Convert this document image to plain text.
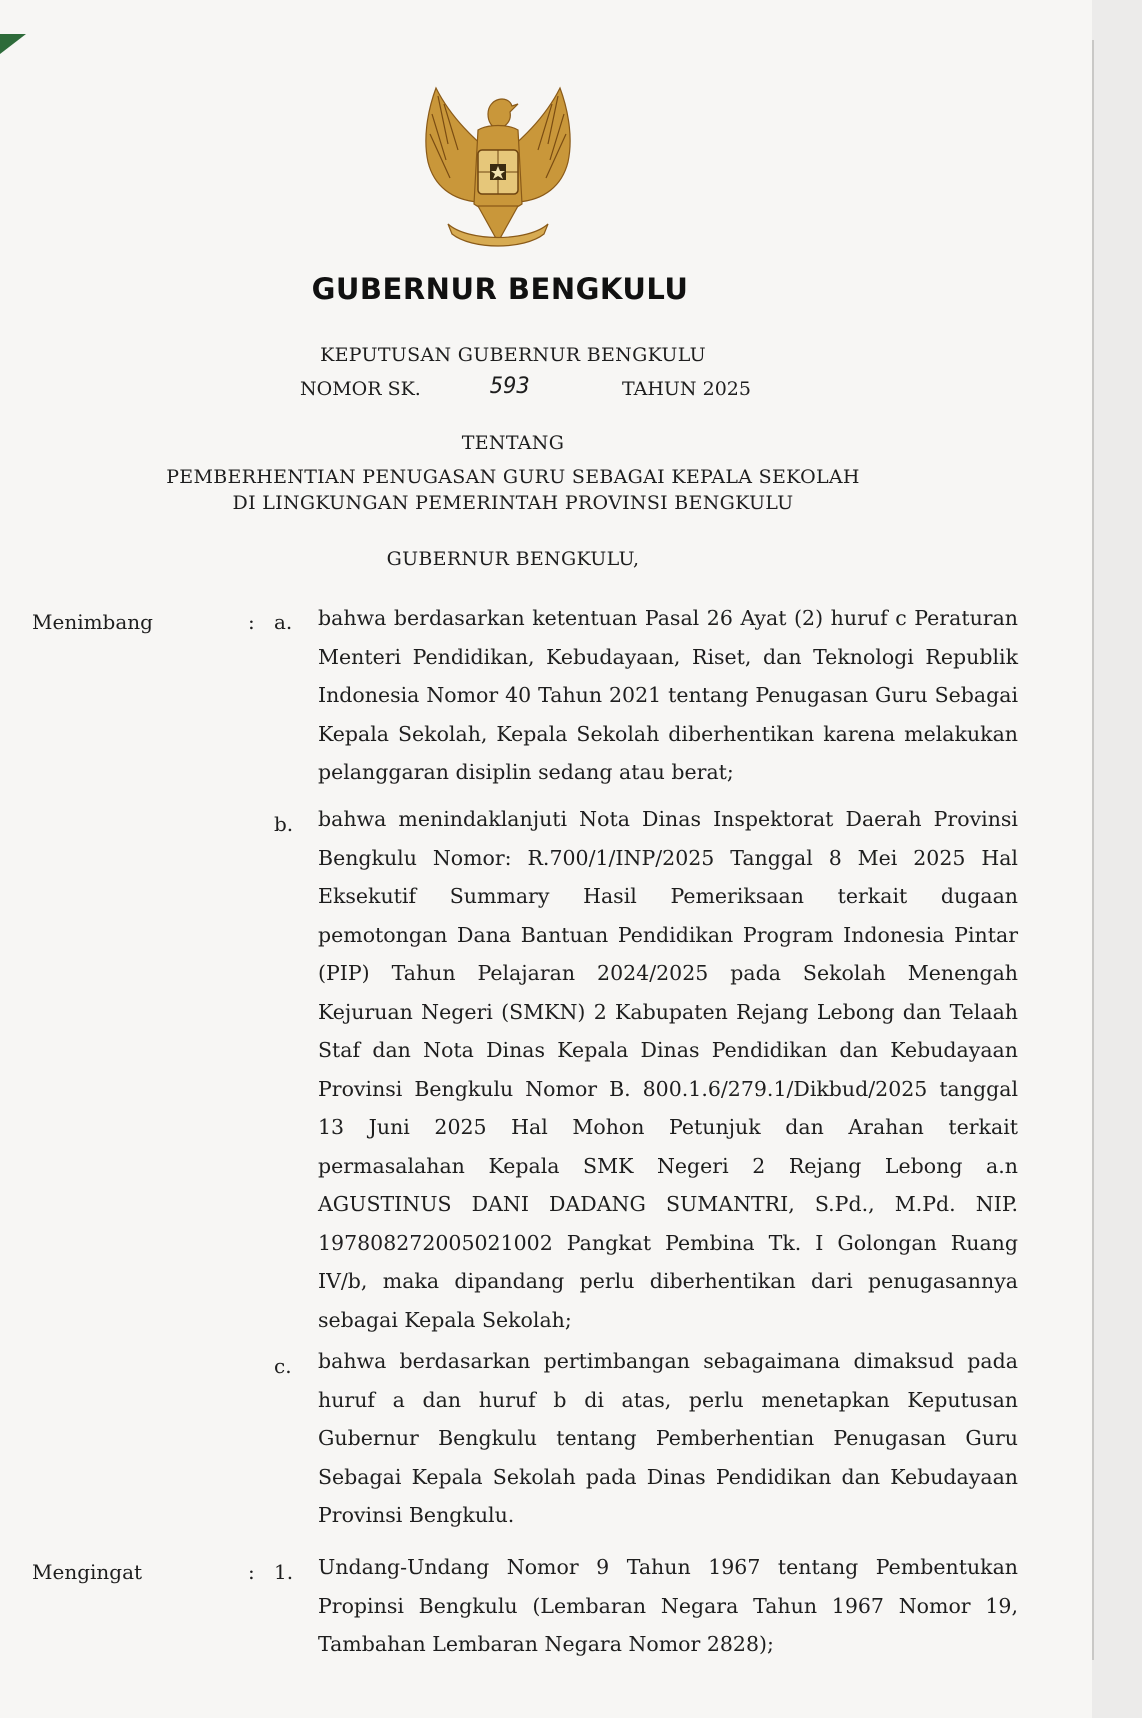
GUBERNUR BENGKULU
KEPUTUSAN GUBERNUR BENGKULU
NOMOR SK.	593	TAHUN 2025
TENTANG
PEMBERHENTIAN PENUGASAN GURU SEBAGAI KEPALA SEKOLAH
DI LINGKUNGAN PEMERINTAH PROVINSI BENGKULU
GUBERNUR BENGKULU,
Menimbang	: a. bahwa berdasarkan ketentuan Pasal 26 Ayat (2) huruf c Peraturan Menteri Pendidikan, Kebudayaan, Riset, dan Teknologi Republik Indonesia Nomor 40 Tahun 2021 tentang Penugasan Guru Sebagai Kepala Sekolah, Kepala Sekolah diberhentikan karena melakukan pelanggaran disiplin sedang atau berat;

b. bahwa menindaklanjuti Nota Dinas Inspektorat Daerah Provinsi Bengkulu Nomor: R.700/1/INP/2025 Tanggal 8 Mei 2025 Hal Eksekutif Summary Hasil Pemeriksaan terkait dugaan pemotongan Dana Bantuan Pendidikan Program Indonesia Pintar (PIP) Tahun Pelajaran 2024/2025 pada Sekolah Menengah Kejuruan Negeri (SMKN) 2 Kabupaten Rejang Lebong dan Telaah Staf dan Nota Dinas Kepala Dinas Pendidikan dan Kebudayaan Provinsi Bengkulu Nomor B. 800.1.6/279.1/Dikbud/2025 tanggal 13 Juni 2025 Hal Mohon Petunjuk dan Arahan terkait permasalahan Kepala SMK Negeri 2 Rejang Lebong a.n AGUSTINUS DANI DADANG SUMANTRI, S.Pd., M.Pd. NIP. 197808272005021002 Pangkat Pembina Tk. I Golongan Ruang IV/b, maka dipandang perlu diberhentikan dari penugasannya sebagai Kepala Sekolah;

c. bahwa berdasarkan pertimbangan sebagaimana dimaksud pada huruf a dan huruf b di atas, perlu menetapkan Keputusan Gubernur Bengkulu tentang Pemberhentian Penugasan Guru Sebagai Kepala Sekolah pada Dinas Pendidikan dan Kebudayaan Provinsi Bengkulu.

Mengingat	: 1. Undang-Undang Nomor 9 Tahun 1967 tentang Pembentukan Propinsi Bengkulu (Lembaran Negara Tahun 1967 Nomor 19, Tambahan Lembaran Negara Nomor 2828);
